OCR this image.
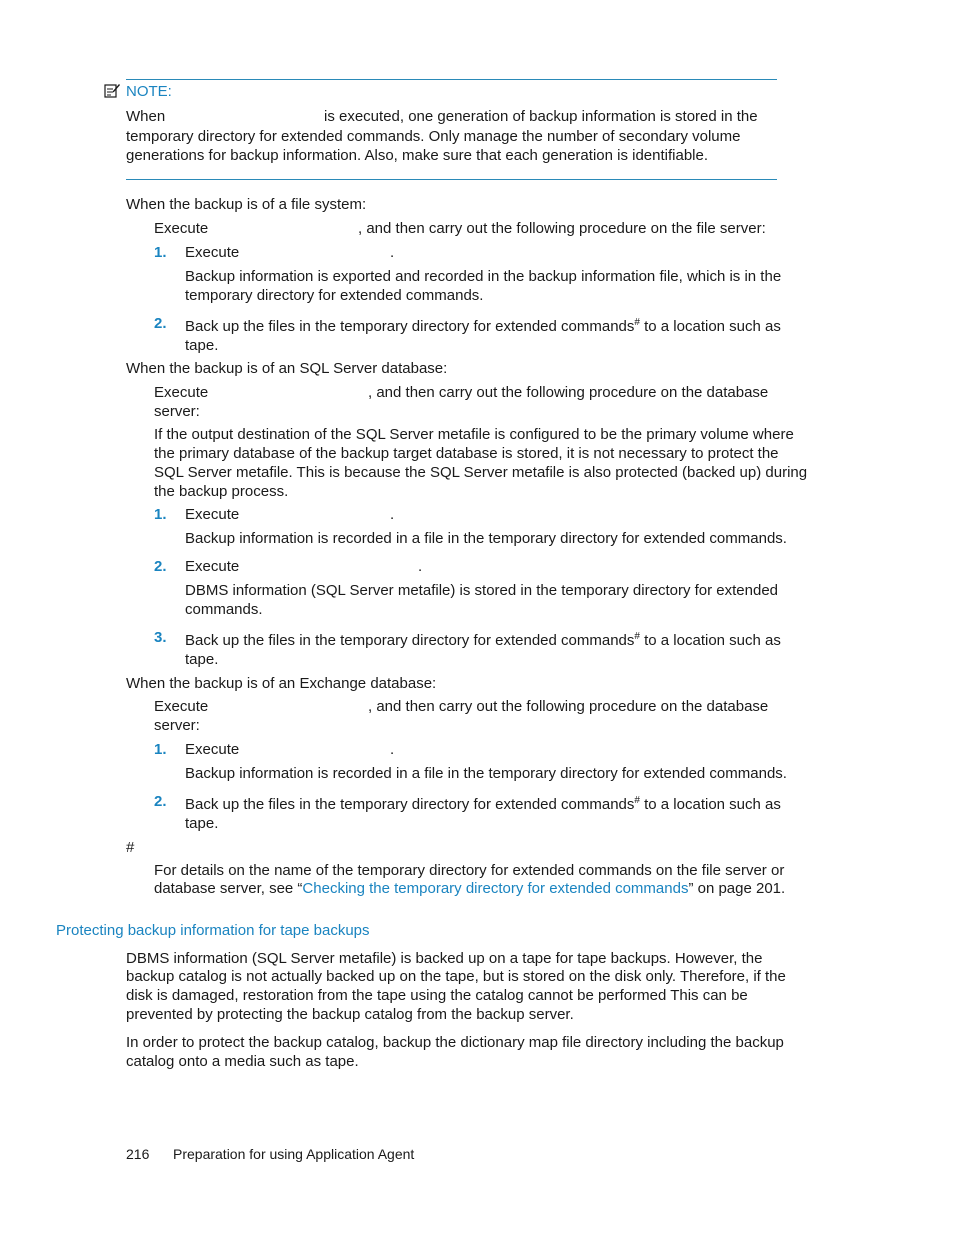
NOTE:
When	is executed, one generation of backup information is stored in the
temporary directory for extended commands. Only manage the number of secondary volume
generations for backup information. Also, make sure that each generation is identifiable.
When the backup is of a file system:
Execute	, and then carry out the following procedure on the file server:
1. Execute	.
Backup information is exported and recorded in the backup information file, which is in the
temporary directory for extended commands.
2. Back up the files in the temporary directory for extended commands# to a location such as
tape.
When the backup is of an SQL Server database:
Execute	, and then carry out the following procedure on the database
server:
If the output destination of the SQL Server metafile is configured to be the primary volume where
the primary database of the backup target database is stored, it is not necessary to protect the
SQL Server metafile. This is because the SQL Server metafile is also protected (backed up) during
the backup process.
1. Execute	.
Backup information is recorded in a file in the temporary directory for extended commands.
2. Execute	.
DBMS information (SQL Server metafile) is stored in the temporary directory for extended
commands.
3. Back up the files in the temporary directory for extended commands# to a location such as
tape.
When the backup is of an Exchange database:
Execute	, and then carry out the following procedure on the database
server:
1. Execute	.
Backup information is recorded in a file in the temporary directory for extended commands.
2. Back up the files in the temporary directory for extended commands# to a location such as
tape.
#
For details on the name of the temporary directory for extended commands on the file server or
database server, see “Checking the temporary directory for extended commands” on page 201.
Protecting backup information for tape backups
DBMS information (SQL Server metafile) is backed up on a tape for tape backups. However, the
backup catalog is not actually backed up on the tape, but is stored on the disk only. Therefore, if the
disk is damaged, restoration from the tape using the catalog cannot be performed This can be
prevented by protecting the backup catalog from the backup server.
In order to protect the backup catalog, backup the dictionary map file directory including the backup
catalog onto a media such as tape.
216 Preparation for using Application Agent
